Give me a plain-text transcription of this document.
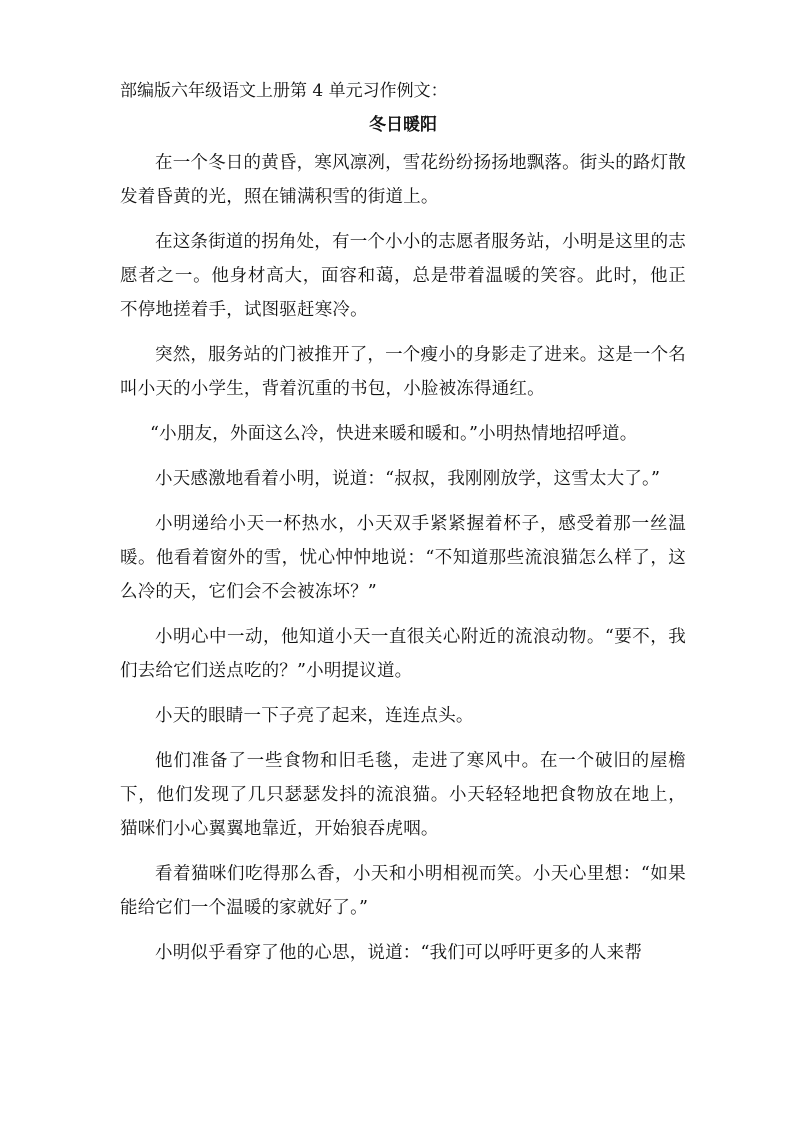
部编版六年级语文上册第 4 单元习作例文：

冬日暖阳

在一个冬日的黄昏，寒风凛冽，雪花纷纷扬扬地飘落。街头的路灯散发着昏黄的光，照在铺满积雪的街道上。

在这条街道的拐角处，有一个小小的志愿者服务站，小明是这里的志愿者之一。他身材高大，面容和蔼，总是带着温暖的笑容。此时，他正不停地搓着手，试图驱赶寒冷。

突然，服务站的门被推开了，一个瘦小的身影走了进来。这是一个名叫小天的小学生，背着沉重的书包，小脸被冻得通红。

“小朋友，外面这么冷，快进来暖和暖和。”小明热情地招呼道。

小天感激地看着小明，说道：“叔叔，我刚刚放学，这雪太大了。”

小明递给小天一杯热水，小天双手紧紧握着杯子，感受着那一丝温暖。他看着窗外的雪，忧心忡忡地说：“不知道那些流浪猫怎么样了，这么冷的天，它们会不会被冻坏？”

小明心中一动，他知道小天一直很关心附近的流浪动物。“要不，我们去给它们送点吃的？”小明提议道。

小天的眼睛一下子亮了起来，连连点头。

他们准备了一些食物和旧毛毯，走进了寒风中。在一个破旧的屋檐下，他们发现了几只瑟瑟发抖的流浪猫。小天轻轻地把食物放在地上，猫咪们小心翼翼地靠近，开始狼吞虎咽。

看着猫咪们吃得那么香，小天和小明相视而笑。小天心里想：“如果能给它们一个温暖的家就好了。”

小明似乎看穿了他的心思，说道：“我们可以呼吁更多的人来帮
